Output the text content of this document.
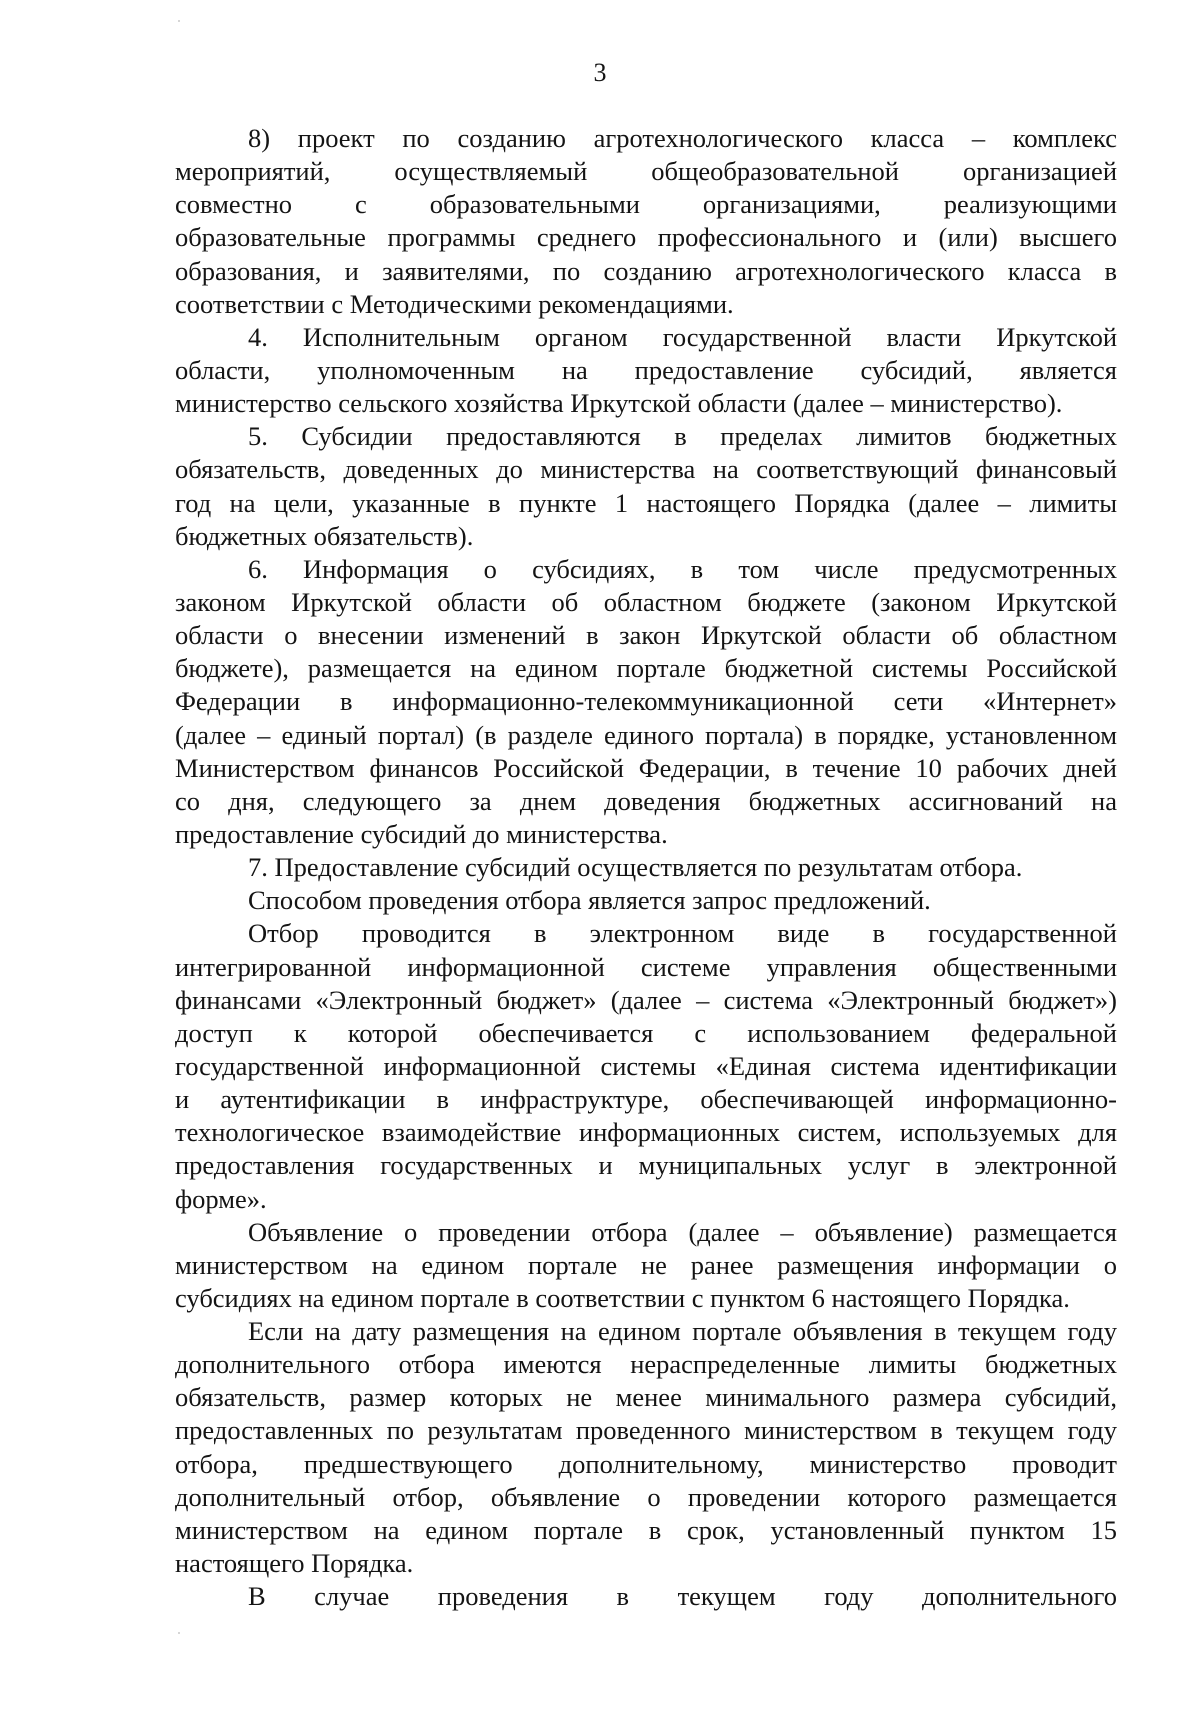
3
8) проект по созданию агротехнологического класса – комплекс
мероприятий, осуществляемый общеобразовательной организацией
совместно с образовательными организациями, реализующими
образовательные программы среднего профессионального и (или) высшего
образования, и заявителями, по созданию агротехнологического класса в
соответствии с Методическими рекомендациями.
4. Исполнительным органом государственной власти Иркутской
области, уполномоченным на предоставление субсидий, является
министерство сельского хозяйства Иркутской области (далее – министерство).
5. Субсидии предоставляются в пределах лимитов бюджетных
обязательств, доведенных до министерства на соответствующий финансовый
год на цели, указанные в пункте 1 настоящего Порядка (далее – лимиты
бюджетных обязательств).
6. Информация о субсидиях, в том числе предусмотренных
законом Иркутской области об областном бюджете (законом Иркутской
области о внесении изменений в закон Иркутской области об областном
бюджете), размещается на едином портале бюджетной системы Российской
Федерации в информационно-телекоммуникационной сети «Интернет»
(далее – единый портал) (в разделе единого портала) в порядке, установленном
Министерством финансов Российской Федерации, в течение 10 рабочих дней
со дня, следующего за днем доведения бюджетных ассигнований на
предоставление субсидий до министерства.
7. Предоставление субсидий осуществляется по результатам отбора.
Способом проведения отбора является запрос предложений.
Отбор проводится в электронном виде в государственной
интегрированной информационной системе управления общественными
финансами «Электронный бюджет» (далее – система «Электронный бюджет»)
доступ к которой обеспечивается с использованием федеральной
государственной информационной системы «Единая система идентификации
и аутентификации в инфраструктуре, обеспечивающей информационно-
технологическое взаимодействие информационных систем, используемых для
предоставления государственных и муниципальных услуг в электронной
форме».
Объявление о проведении отбора (далее – объявление) размещается
министерством на едином портале не ранее размещения информации о
субсидиях на едином портале в соответствии с пунктом 6 настоящего Порядка.
Если на дату размещения на едином портале объявления в текущем году
дополнительного отбора имеются нераспределенные лимиты бюджетных
обязательств, размер которых не менее минимального размера субсидий,
предоставленных по результатам проведенного министерством в текущем году
отбора, предшествующего дополнительному, министерство проводит
дополнительный отбор, объявление о проведении которого размещается
министерством на едином портале в срок, установленный пунктом 15
настоящего Порядка.
В случае проведения в текущем году дополнительного
